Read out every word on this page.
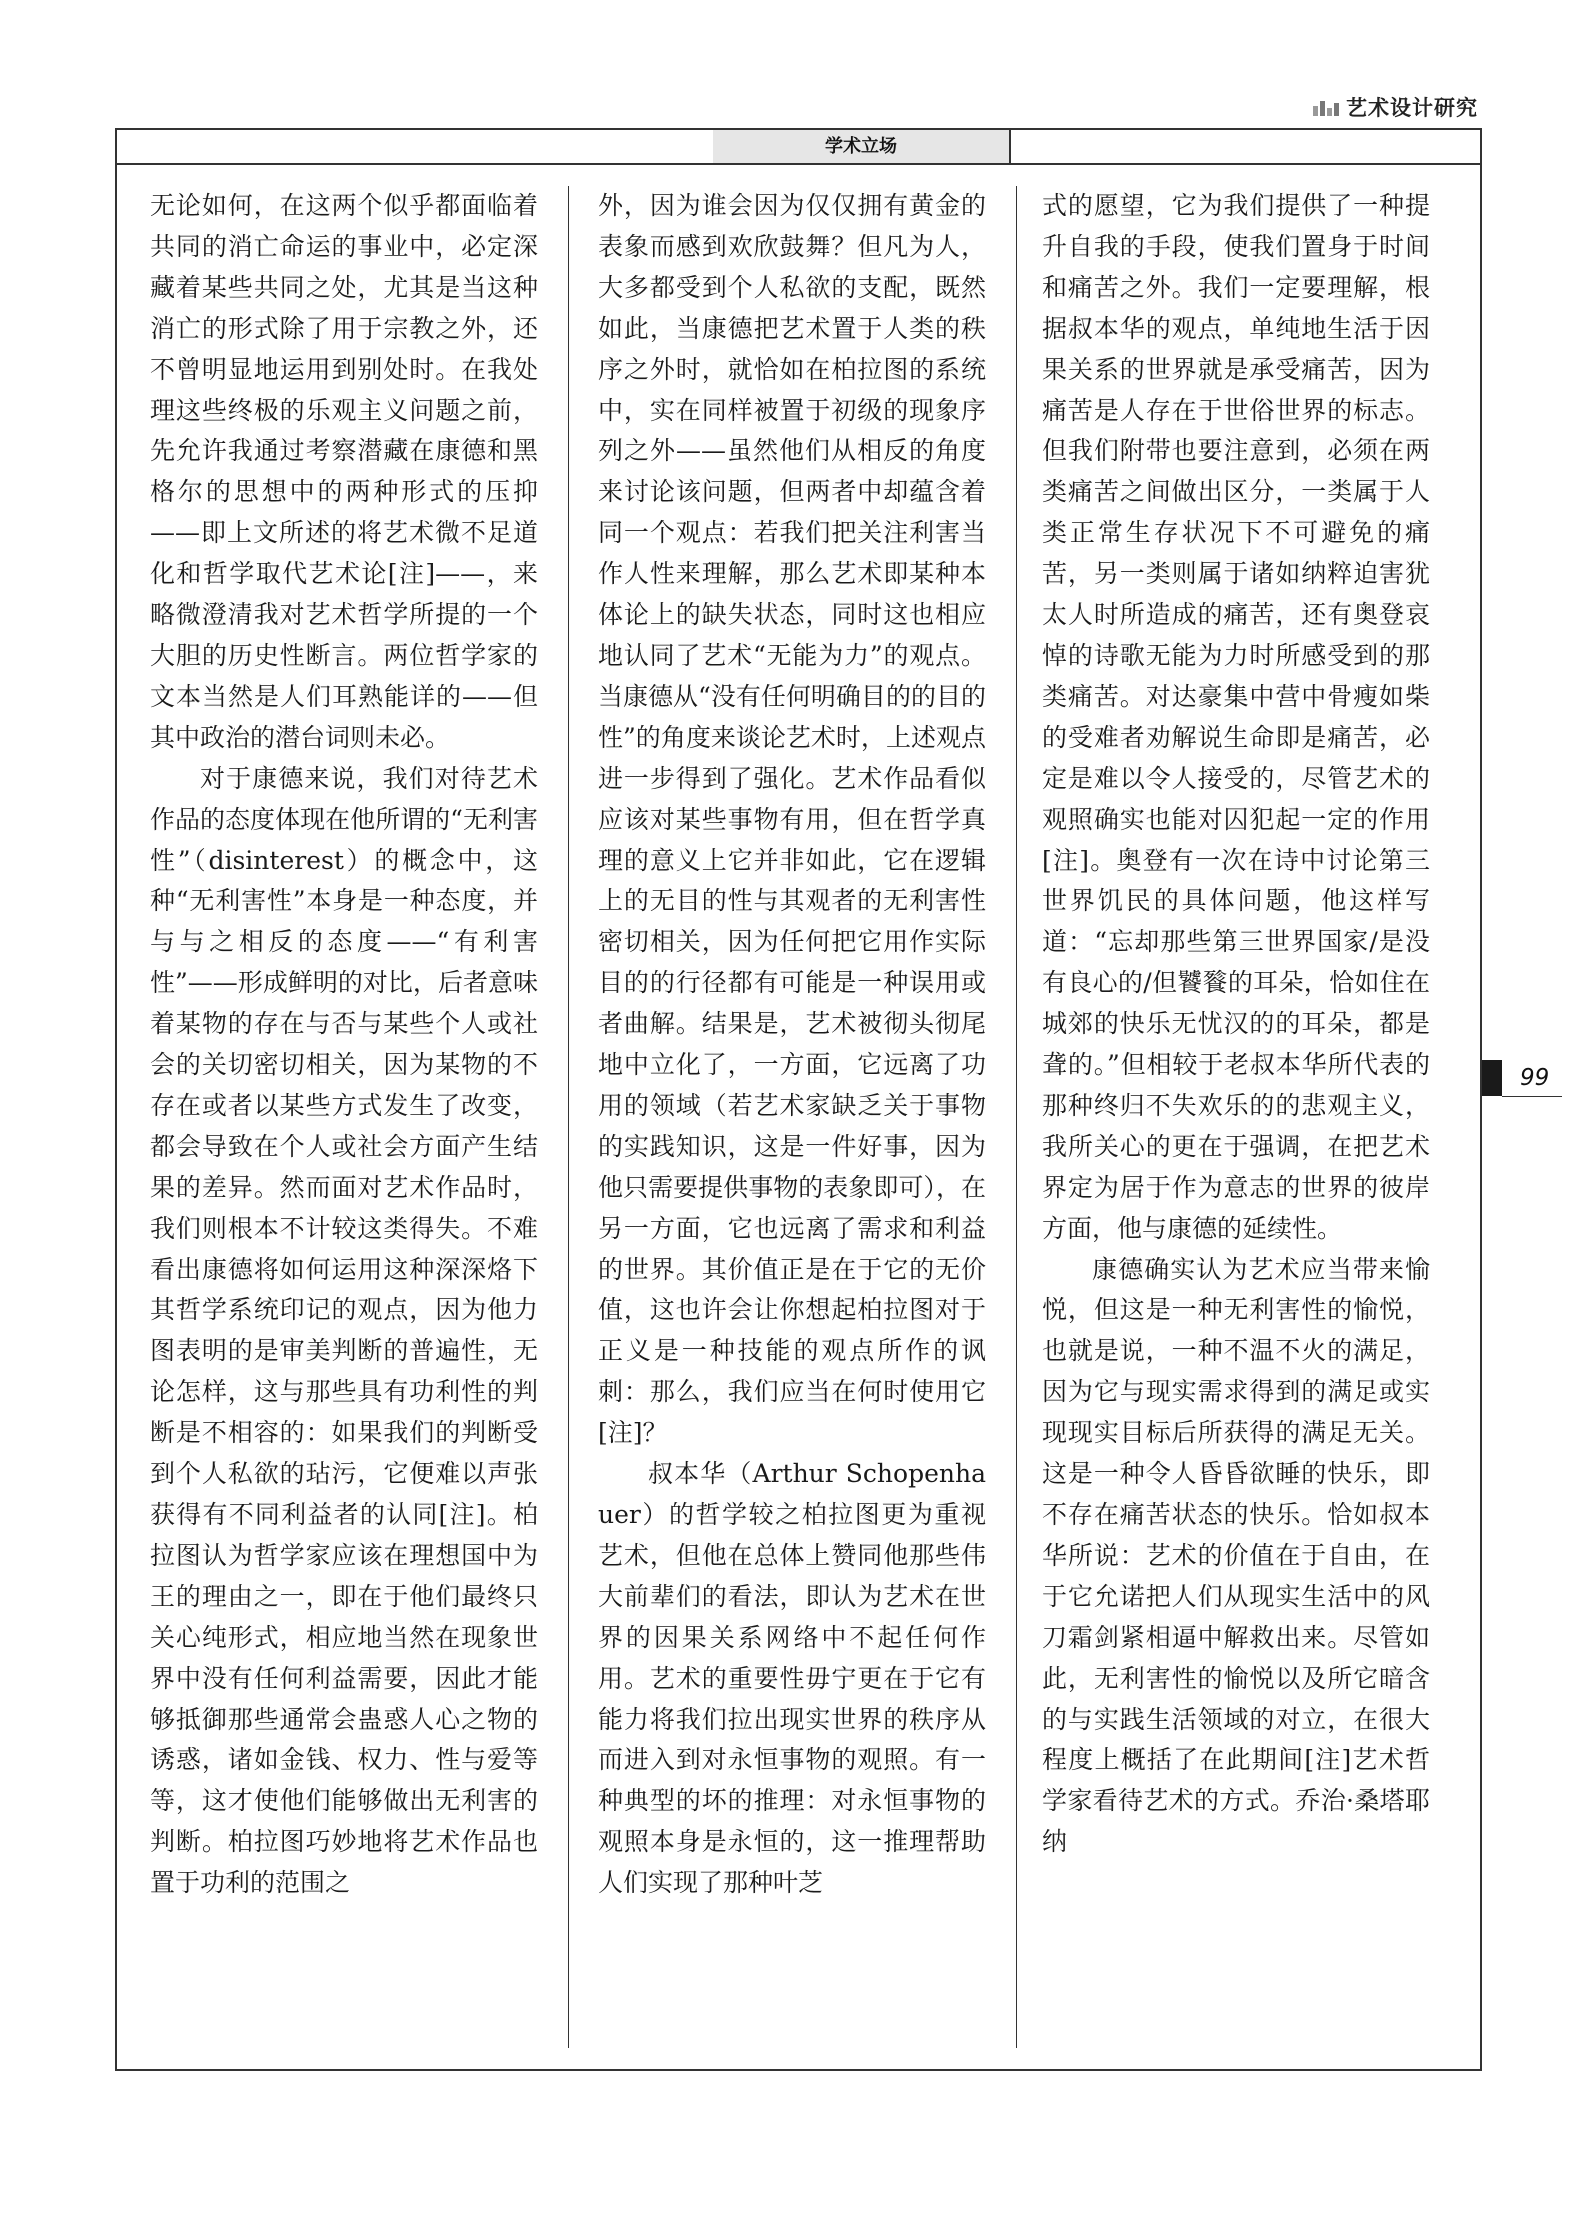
艺术设计研究
学术立场

无论如何，在这两个似乎都面临着共同的消亡命运的事业中，必定深藏着某些共同之处，尤其是当这种消亡的形式除了用于宗教之外，还不曾明显地运用到别处时。在我处理这些终极的乐观主义问题之前，先允许我通过考察潜藏在康德和黑格尔的思想中的两种形式的压抑——即上文所述的将艺术微不足道化和哲学取代艺术论[注]——，来略微澄清我对艺术哲学所提的一个大胆的历史性断言。两位哲学家的文本当然是人们耳熟能详的——但其中政治的潜台词则未必。

对于康德来说，我们对待艺术作品的态度体现在他所谓的“无利害性”（disinterest）的概念中，这种“无利害性”本身是一种态度，并与与之相反的态度——“有利害性”——形成鲜明的对比，后者意味着某物的存在与否与某些个人或社会的关切密切相关，因为某物的不存在或者以某些方式发生了改变，都会导致在个人或社会方面产生结果的差异。然而面对艺术作品时，我们则根本不计较这类得失。不难看出康德将如何运用这种深深烙下其哲学系统印记的观点，因为他力图表明的是审美判断的普遍性，无论怎样，这与那些具有功利性的判断是不相容的：如果我们的判断受到个人私欲的玷污，它便难以声张获得有不同利益者的认同[注]。柏拉图认为哲学家应该在理想国中为王的理由之一，即在于他们最终只关心纯形式，相应地当然在现象世界中没有任何利益需要，因此才能够抵御那些通常会蛊惑人心之物的诱惑，诸如金钱、权力、性与爱等等，这才使他们能够做出无利害的判断。柏拉图巧妙地将艺术作品也置于功利的范围之

外，因为谁会因为仅仅拥有黄金的表象而感到欢欣鼓舞？但凡为人，大多都受到个人私欲的支配，既然如此，当康德把艺术置于人类的秩序之外时，就恰如在柏拉图的系统中，实在同样被置于初级的现象序列之外——虽然他们从相反的角度来讨论该问题，但两者中却蕴含着同一个观点：若我们把关注利害当作人性来理解，那么艺术即某种本体论上的缺失状态，同时这也相应地认同了艺术“无能为力”的观点。当康德从“没有任何明确目的的目的性”的角度来谈论艺术时，上述观点进一步得到了强化。艺术作品看似应该对某些事物有用，但在哲学真理的意义上它并非如此，它在逻辑上的无目的性与其观者的无利害性密切相关，因为任何把它用作实际目的的行径都有可能是一种误用或者曲解。结果是，艺术被彻头彻尾地中立化了，一方面，它远离了功用的领域（若艺术家缺乏关于事物的实践知识，这是一件好事，因为他只需要提供事物的表象即可），在另一方面，它也远离了需求和利益的世界。其价值正是在于它的无价值，这也许会让你想起柏拉图对于正义是一种技能的观点所作的讽刺：那么，我们应当在何时使用它[注]？

叔本华（Arthur Schopenhauer）的哲学较之柏拉图更为重视艺术，但他在总体上赞同他那些伟大前辈们的看法，即认为艺术在世界的因果关系网络中不起任何作用。艺术的重要性毋宁更在于它有能力将我们拉出现实世界的秩序从而进入到对永恒事物的观照。有一种典型的坏的推理：对永恒事物的观照本身是永恒的，这一推理帮助人们实现了那种叶芝

式的愿望，它为我们提供了一种提升自我的手段，使我们置身于时间和痛苦之外。我们一定要理解，根据叔本华的观点，单纯地生活于因果关系的世界就是承受痛苦，因为痛苦是人存在于世俗世界的标志。但我们附带也要注意到，必须在两类痛苦之间做出区分，一类属于人类正常生存状况下不可避免的痛苦，另一类则属于诸如纳粹迫害犹太人时所造成的痛苦，还有奥登哀悼的诗歌无能为力时所感受到的那类痛苦。对达豪集中营中骨瘦如柴的受难者劝解说生命即是痛苦，必定是难以令人接受的，尽管艺术的观照确实也能对囚犯起一定的作用[注]。奥登有一次在诗中讨论第三世界饥民的具体问题，他这样写道：“忘却那些第三世界国家/是没有良心的/但饕餮的耳朵，恰如住在城郊的快乐无忧汉的的耳朵，都是聋的。”但相较于老叔本华所代表的那种终归不失欢乐的的悲观主义，我所关心的更在于强调，在把艺术界定为居于作为意志的世界的彼岸方面，他与康德的延续性。

康德确实认为艺术应当带来愉悦，但这是一种无利害性的愉悦，也就是说，一种不温不火的满足，因为它与现实需求得到的满足或实现现实目标后所获得的满足无关。这是一种令人昏昏欲睡的快乐，即不存在痛苦状态的快乐。恰如叔本华所说：艺术的价值在于自由，在于它允诺把人们从现实生活中的风刀霜剑紧相逼中解救出来。尽管如此，无利害性的愉悦以及所它暗含的与实践生活领域的对立，在很大程度上概括了在此期间[注]艺术哲学家看待艺术的方式。乔治·桑塔耶纳

99
